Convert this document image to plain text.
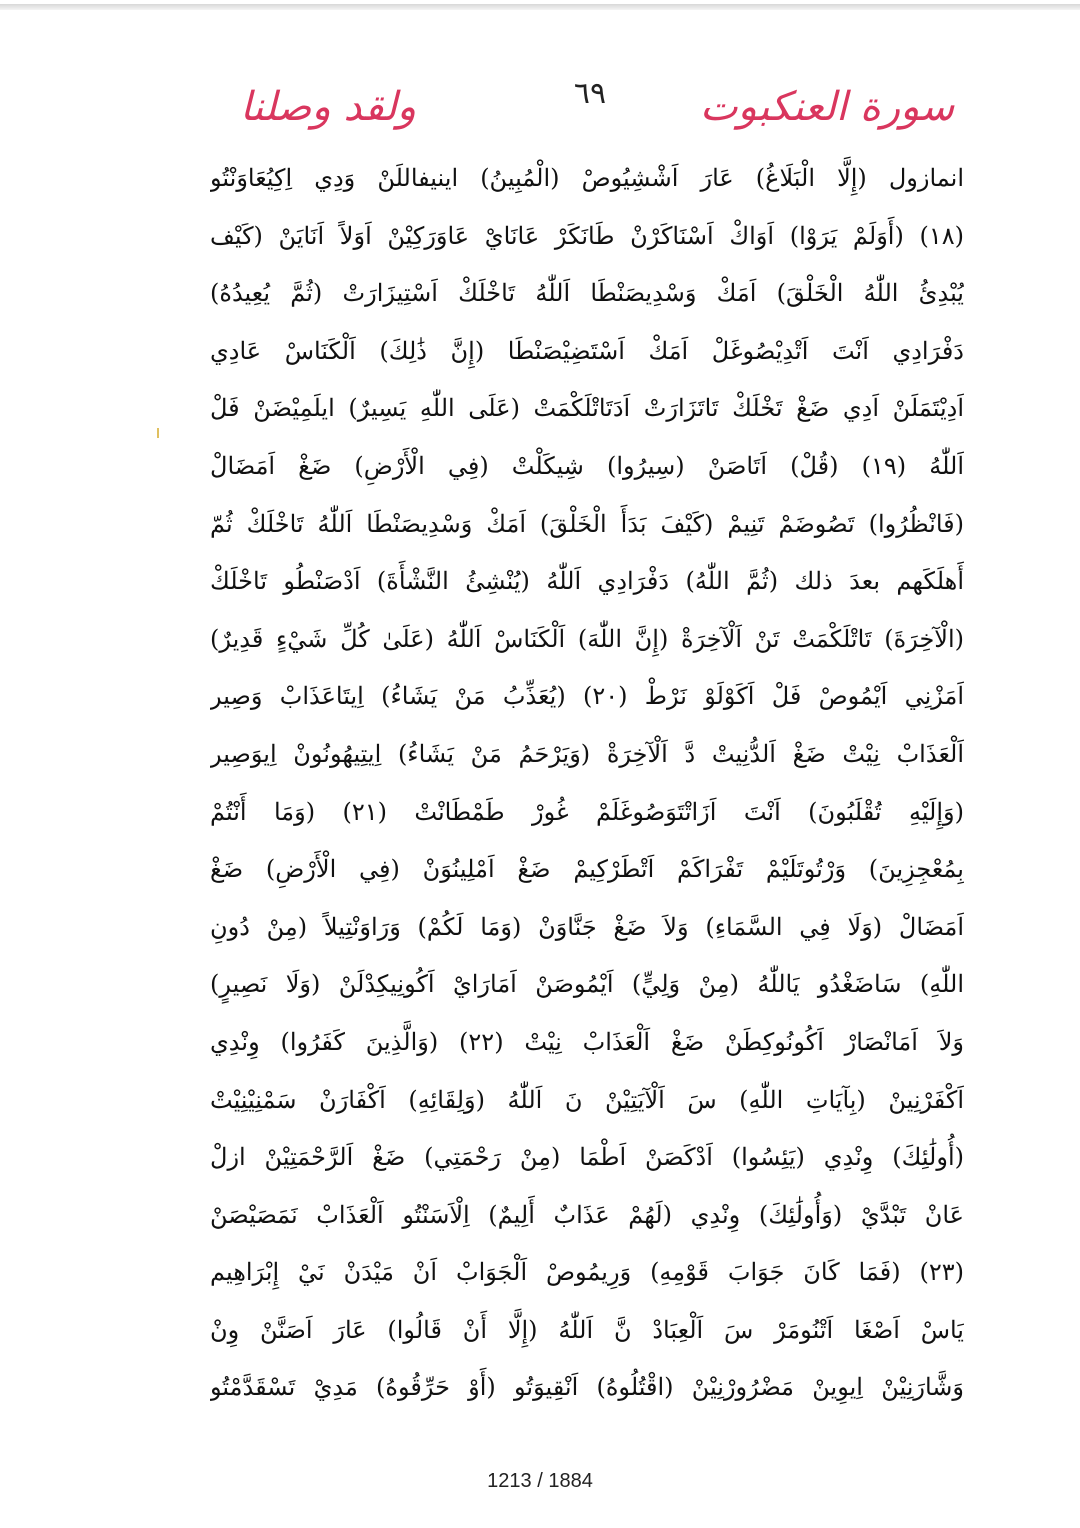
سورة العنكبوت
٦٩
ولقد وصلنا
انمازول (إِلَّا الْبَلَاغُ) عَارَ اَشْشِيُوصْ (الْمُبِينُ) اينيفاللَنْ وَدِي اِكِيُعَاوَنْتُو
(١٨) (أَوَلَمْ يَرَوْا) اَوَاكْ اَسْنَاكَرْنْ طَانَكَرْ عَانَايْ عَاوَرَكِيْنْ اَوَلاً اَنَايَنْ (كَيْف
يُبْدِئُ اللّٰهُ الْخَلْقَ) اَمَكْ وَسْدِيصَنْطَا اَللّٰهُ تَاخْلَكْ اَسْتِيزَارَتْ (ثُمَّ يُعِيدُهُ)
دَفْرَادِي اَنْتَ اَتْدِيْصُوغَلْ اَمَكْ اَسْتَضِيْصَنْطَا (إِنَّ ذَٰلِكَ) اَلْكَنَاسْ عَادِي
اَدِيْتَمَلَنْ اَدِي ضَغْ تَخْلَكْ تَاتَزَارَتْ اَدَتَاتْلَكْمَتْ (عَلَى اللّٰهِ يَسِيرٌ) ايلَمِيْضَنْ فَلْ
اَللّٰهُ (١٩) (قُلْ) اَتَاصَنْ (سِيرُوا) شِيكَلْتْ (فِي الْأَرْضِ) ضَغْ اَمَضَالْ
(فَانْظُرُوا) تَصُوضَمْ تَنِيمْ (كَيْفَ بَدَأَ الْخَلْقَ) اَمَكْ وَسْدِيصَنْطَا اَللّٰهُ تَاخْلَكْ ثُمّ
أَهلَكَهم بعدَ ذلك (ثُمَّ اللّٰهُ) دَفْرَادِي اَللّٰهُ (يُنْشِئُ النَّشْأَةَ) اَدْصَنْطُو تَاخْلَكْ
(الْآخِرَةَ) تَاتْلَكْمَتْ تَنْ اَلْآخِرَةْ (إِنَّ اللّٰهَ) اَلْكَنَاسْ اَللّٰهُ (عَلَىٰ كُلِّ شَيْءٍ قَدِيرٌ)
اَمَزْنِي اَيْمُوصْ فَلْ اَكَوْلَوْ نَرْطْ (٢٠) (يُعَذِّبُ مَنْ يَشَاءُ) اِيتَاعَذَابْ وَصِير
اَلْعَذَابْ نِيْتْ ضَغْ اَلدُّنِيتْ دَّ اَلْآخِرَةْ (وَيَرْحَمُ مَنْ يَشَاءُ) اِيتِيهُونُونْ اِيوَصِير
(وَإِلَيْهِ تُقْلَبُونَ) اَنْتَ اَزَاتْتَوَصُوغَلَمْ غُورْ طَمْطَانْتْ (٢١) (وَمَا أَنْتُمْ
بِمُعْجِزِينَ) وَرْتُوتَلَيْمْ تَفْرَاكَمْ اَتْطَرْكِيمْ ضَغْ اَمْلِينُوَنْ (فِي الْأَرْضِ) ضَغْ
اَمَضَالْ (وَلَا فِي السَّمَاءِ) وَلاَ ضَغْ جَنَّاوَنْ (وَمَا لَكُمْ) وَرَاوَنْتِيلاً (مِنْ دُونِ
اللّٰهِ) سَاضَغْدُو يَاللّٰهُ (مِنْ وَلِيٍّ) اَيْمُوصَنْ اَمَارَايْ اَكُونِيكِدْلَنْ (وَلَا نَصِيرٍ)
وَلاَ اَمَانْصَارْ اَكُونُوكِطَنْ ضَغْ اَلْعَذَابْ نِيْتْ (٢٢) (وَالَّذِينَ كَفَرُوا) وِنْدِي
اَكْفَرْنِينْ (بِآيَاتِ اللّٰهِ) سَ اَلْآيَتِيْنْ نَ اَللّٰهُ (وَلِقَائِهِ) اَكْفَارَنْ سَمْنِيْنِيْتْ
(أُولَٰئِكَ) وِنْدِي (يَئِسُوا) اَدْكَصَنْ اَطْمَا (مِنْ رَحْمَتِي) ضَغْ اَلرَّحْمَتِيْنْ ازلْ
عَانْ تَبْدَّيْ (وَأُولَٰئِكَ) وِنْدِي (لَهُمْ عَذَابٌ أَلِيمٌ) اِلْاَسَنْتُو اَلْعَذَابْ نَمَصَيْصَنْ
(٢٣) (فَمَا كَانَ جَوَابَ قَوْمِهِ) وَرِيمُوصْ اَلْجَوَابْ اَنْ مَيْدَنْ نَيْ إِبْرَاهِيم
يَاسْ اَصْغَا اَتْنُومَرْ سَ اَلْعِبَادْ نَّ اَللّٰهُ (إِلَّا أَنْ قَالُوا) عَارَ اَصَنَّنْ وِنْ
وَشَّارَنِيْنْ اِيوِينْ مَضْرُورْنِيْنْ (اقْتُلُوهُ) اَنْقِيوَتُو (أَوْ حَرِّقُوهُ) مَدِيْ تَسْقَدَّمْتُو
1213 / 1884
